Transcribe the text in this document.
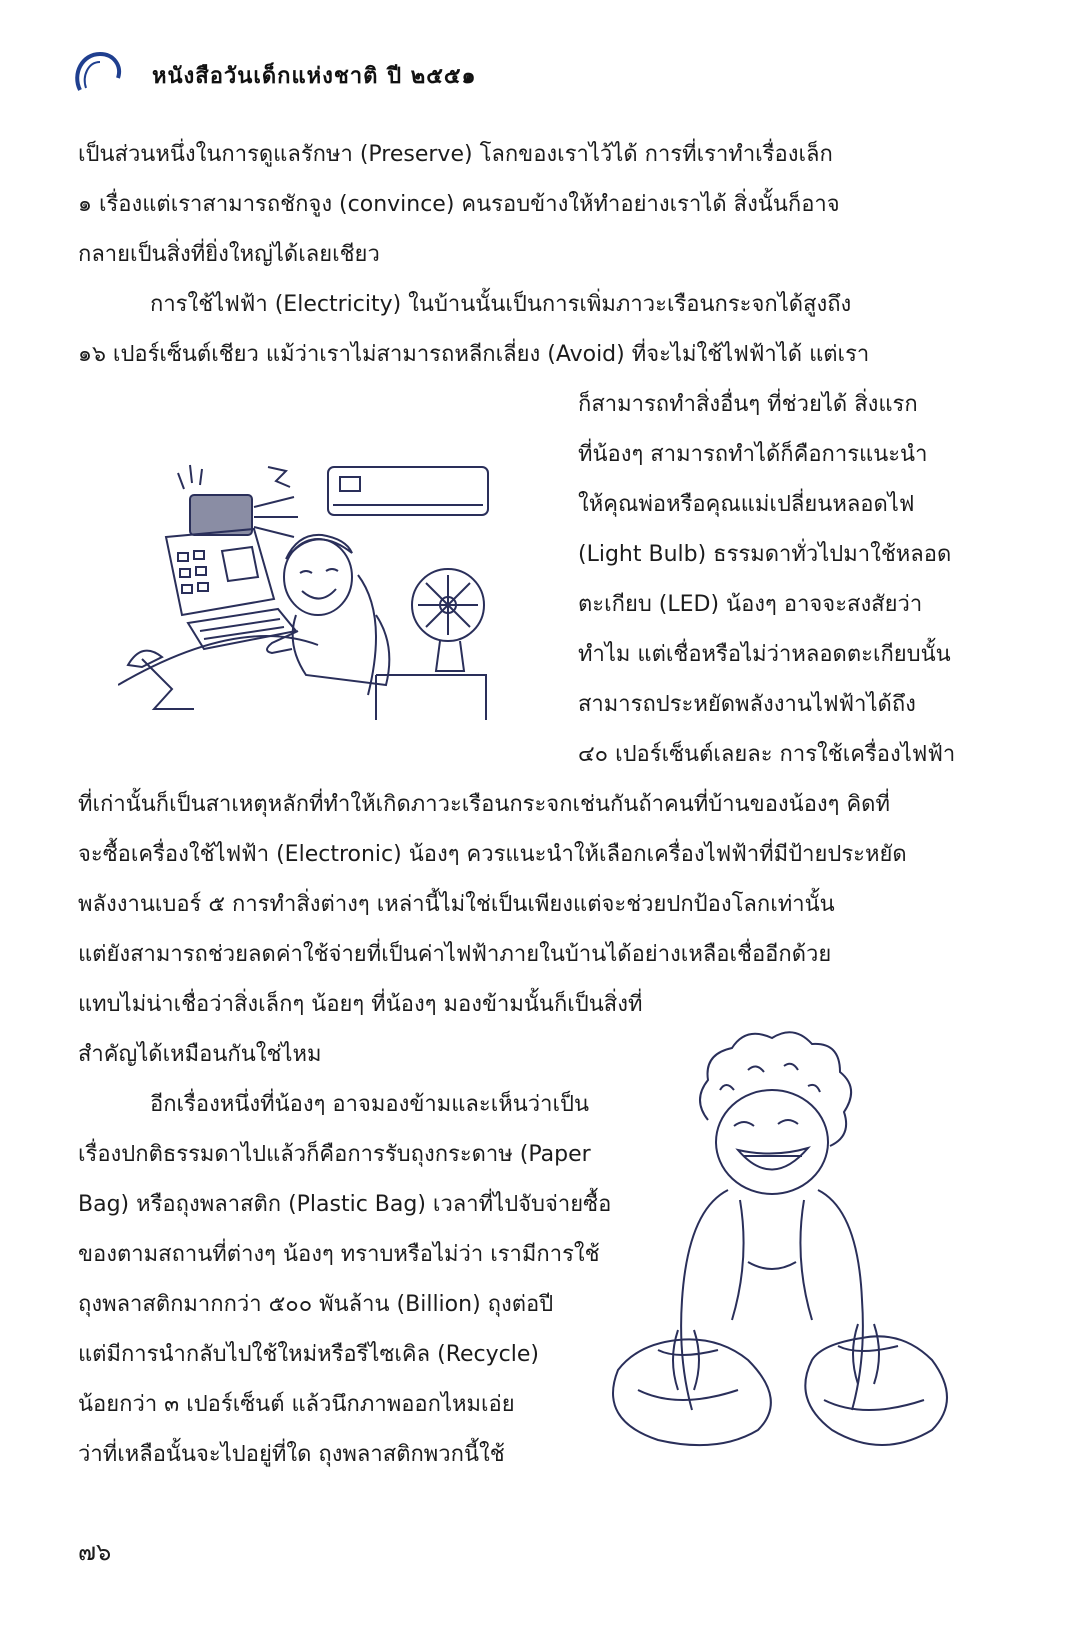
หนังสือวันเด็กแห่งชาติ ปี ๒๕๕๑
เป็นส่วนหนึ่งในการดูแลรักษา (Preserve) โลกของเราไว้ได้ การที่เราทำเรื่องเล็ก
๑ เรื่องแต่เราสามารถชักจูง (convince) คนรอบข้างให้ทำอย่างเราได้ สิ่งนั้นก็อาจ
กลายเป็นสิ่งที่ยิ่งใหญ่ได้เลยเชียว
การใช้ไฟฟ้า (Electricity) ในบ้านนั้นเป็นการเพิ่มภาวะเรือนกระจกได้สูงถึง
๑๖ เปอร์เซ็นต์เชียว แม้ว่าเราไม่สามารถหลีกเลี่ยง (Avoid) ที่จะไม่ใช้ไฟฟ้าได้ แต่เรา
ก็สามารถทำสิ่งอื่นๆ ที่ช่วยได้ สิ่งแรก
ที่น้องๆ สามารถทำได้ก็คือการแนะนำ
ให้คุณพ่อหรือคุณแม่เปลี่ยนหลอดไฟ
(Light Bulb) ธรรมดาทั่วไปมาใช้หลอด
ตะเกียบ (LED) น้องๆ อาจจะสงสัยว่า
ทำไม แต่เชื่อหรือไม่ว่าหลอดตะเกียบนั้น
สามารถประหยัดพลังงานไฟฟ้าได้ถึง
๔๐ เปอร์เซ็นต์เลยละ การใช้เครื่องไฟฟ้า
ที่เก่านั้นก็เป็นสาเหตุหลักที่ทำให้เกิดภาวะเรือนกระจกเช่นกันถ้าคนที่บ้านของน้องๆ คิดที่
จะซื้อเครื่องใช้ไฟฟ้า (Electronic) น้องๆ ควรแนะนำให้เลือกเครื่องไฟฟ้าที่มีป้ายประหยัด
พลังงานเบอร์ ๕ การทำสิ่งต่างๆ เหล่านี้ไม่ใช่เป็นเพียงแต่จะช่วยปกป้องโลกเท่านั้น
แต่ยังสามารถช่วยลดค่าใช้จ่ายที่เป็นค่าไฟฟ้าภายในบ้านได้อย่างเหลือเชื่ออีกด้วย
แทบไม่น่าเชื่อว่าสิ่งเล็กๆ น้อยๆ ที่น้องๆ มองข้ามนั้นก็เป็นสิ่งที่
สำคัญได้เหมือนกันใช่ไหม
อีกเรื่องหนึ่งที่น้องๆ อาจมองข้ามและเห็นว่าเป็น
เรื่องปกติธรรมดาไปแล้วก็คือการรับถุงกระดาษ (Paper
Bag) หรือถุงพลาสติก (Plastic Bag) เวลาที่ไปจับจ่ายซื้อ
ของตามสถานที่ต่างๆ น้องๆ ทราบหรือไม่ว่า เรามีการใช้
ถุงพลาสติกมากกว่า ๕๐๐ พันล้าน (Billion) ถุงต่อปี
แต่มีการนำกลับไปใช้ใหม่หรือรีไซเคิล (Recycle)
น้อยกว่า ๓ เปอร์เซ็นต์ แล้วนึกภาพออกไหมเอ่ย
ว่าที่เหลือนั้นจะไปอยู่ที่ใด ถุงพลาสติกพวกนี้ใช้
๗๖
